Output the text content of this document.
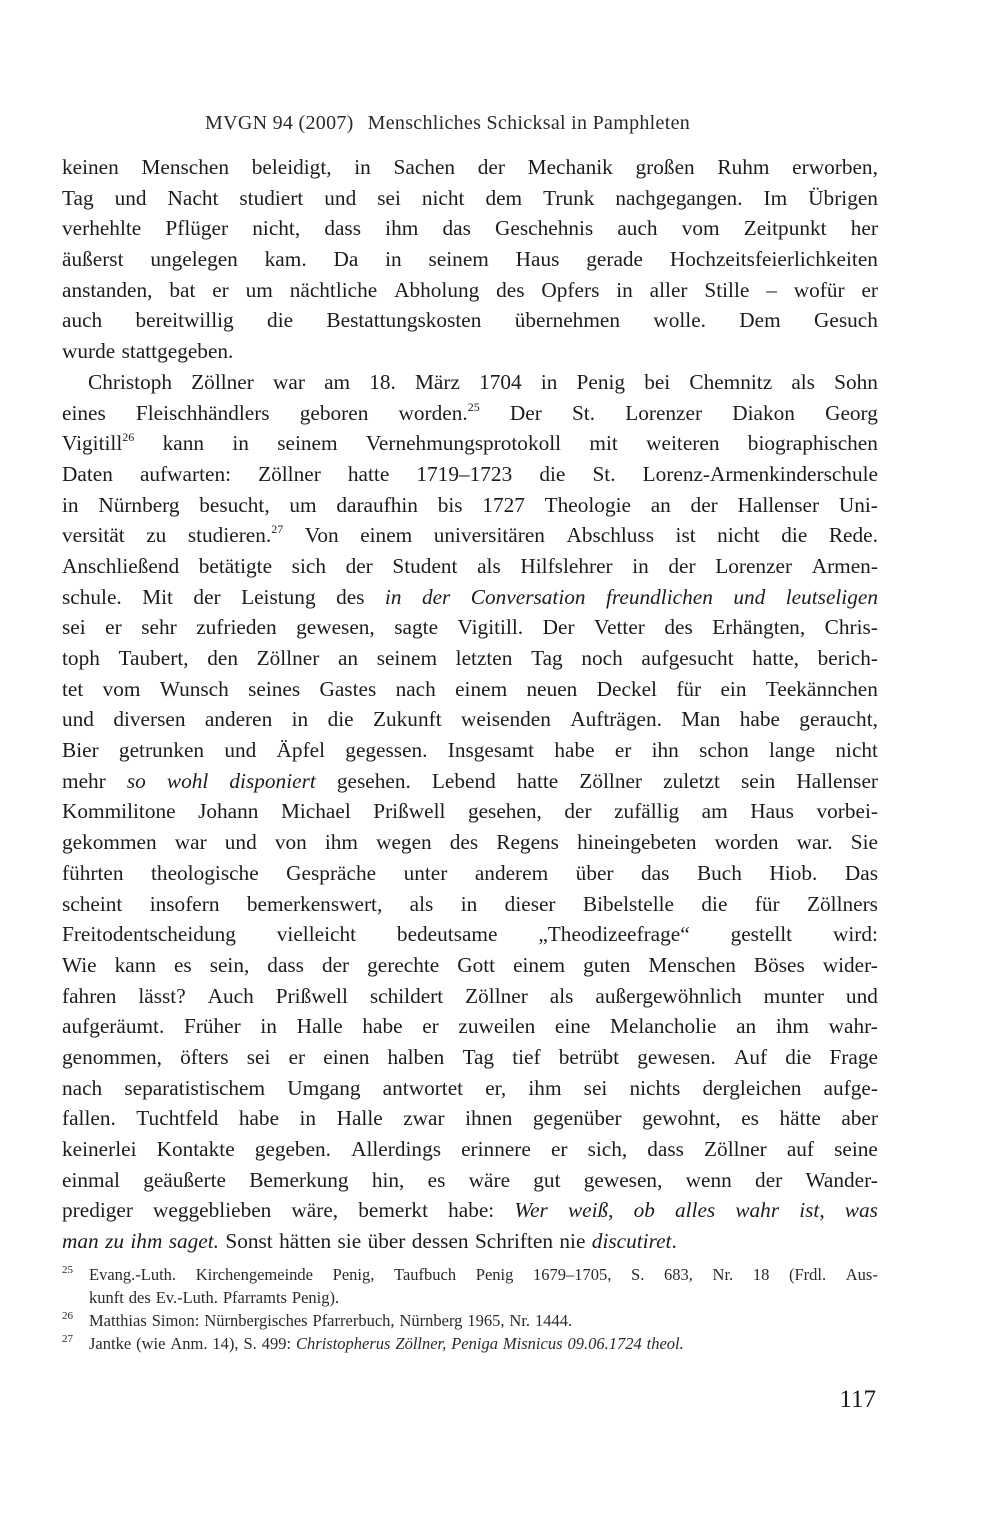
MVGN 94 (2007) Menschliches Schicksal in Pamphleten
keinen Menschen beleidigt, in Sachen der Mechanik großen Ruhm erworben,
Tag und Nacht studiert und sei nicht dem Trunk nachgegangen. Im Übrigen
verhehlte Pflüger nicht, dass ihm das Geschehnis auch vom Zeitpunkt her
äußerst ungelegen kam. Da in seinem Haus gerade Hochzeitsfeierlichkeiten
anstanden, bat er um nächtliche Abholung des Opfers in aller Stille – wofür er
auch bereitwillig die Bestattungskosten übernehmen wolle. Dem Gesuch
wurde stattgegeben.
Christoph Zöllner war am 18. März 1704 in Penig bei Chemnitz als Sohn
eines Fleischhändlers geboren worden.$^{25}$ Der St. Lorenzer Diakon Georg
Vigitill$^{26}$ kann in seinem Vernehmungsprotokoll mit weiteren biographischen
Daten aufwarten: Zöllner hatte 1719–1723 die St. Lorenz-Armenkinderschule
in Nürnberg besucht, um daraufhin bis 1727 Theologie an der Hallenser Uni-
versität zu studieren.$^{27}$ Von einem universitären Abschluss ist nicht die Rede.
Anschließend betätigte sich der Student als Hilfslehrer in der Lorenzer Armen-
schule. Mit der Leistung des in der Conversation freundlichen und leutseligen
sei er sehr zufrieden gewesen, sagte Vigitill. Der Vetter des Erhängten, Chris-
toph Taubert, den Zöllner an seinem letzten Tag noch aufgesucht hatte, berich-
tet vom Wunsch seines Gastes nach einem neuen Deckel für ein Teekännchen
und diversen anderen in die Zukunft weisenden Aufträgen. Man habe geraucht,
Bier getrunken und Äpfel gegessen. Insgesamt habe er ihn schon lange nicht
mehr so wohl disponiert gesehen. Lebend hatte Zöllner zuletzt sein Hallenser
Kommilitone Johann Michael Prißwell gesehen, der zufällig am Haus vorbei-
gekommen war und von ihm wegen des Regens hineingebeten worden war. Sie
führten theologische Gespräche unter anderem über das Buch Hiob. Das
scheint insofern bemerkenswert, als in dieser Bibelstelle die für Zöllners
Freitodentscheidung vielleicht bedeutsame „Theodizeefrage“ gestellt wird:
Wie kann es sein, dass der gerechte Gott einem guten Menschen Böses wider-
fahren lässt? Auch Prißwell schildert Zöllner als außergewöhnlich munter und
aufgeräumt. Früher in Halle habe er zuweilen eine Melancholie an ihm wahr-
genommen, öfters sei er einen halben Tag tief betrübt gewesen. Auf die Frage
nach separatistischem Umgang antwortet er, ihm sei nichts dergleichen aufge-
fallen. Tuchtfeld habe in Halle zwar ihnen gegenüber gewohnt, es hätte aber
keinerlei Kontakte gegeben. Allerdings erinnere er sich, dass Zöllner auf seine
einmal geäußerte Bemerkung hin, es wäre gut gewesen, wenn der Wander-
prediger weggeblieben wäre, bemerkt habe: Wer weiß, ob alles wahr ist, was
man zu ihm saget. Sonst hätten sie über dessen Schriften nie discutiret.
25 Evang.-Luth. Kirchengemeinde Penig, Taufbuch Penig 1679–1705, S. 683, Nr. 18 (Frdl. Aus-
kunft des Ev.-Luth. Pfarramts Penig).
26 Matthias Simon: Nürnbergisches Pfarrerbuch, Nürnberg 1965, Nr. 1444.
27 Jantke (wie Anm. 14), S. 499: Christopherus Zöllner, Peniga Misnicus 09.06.1724 theol.
117
